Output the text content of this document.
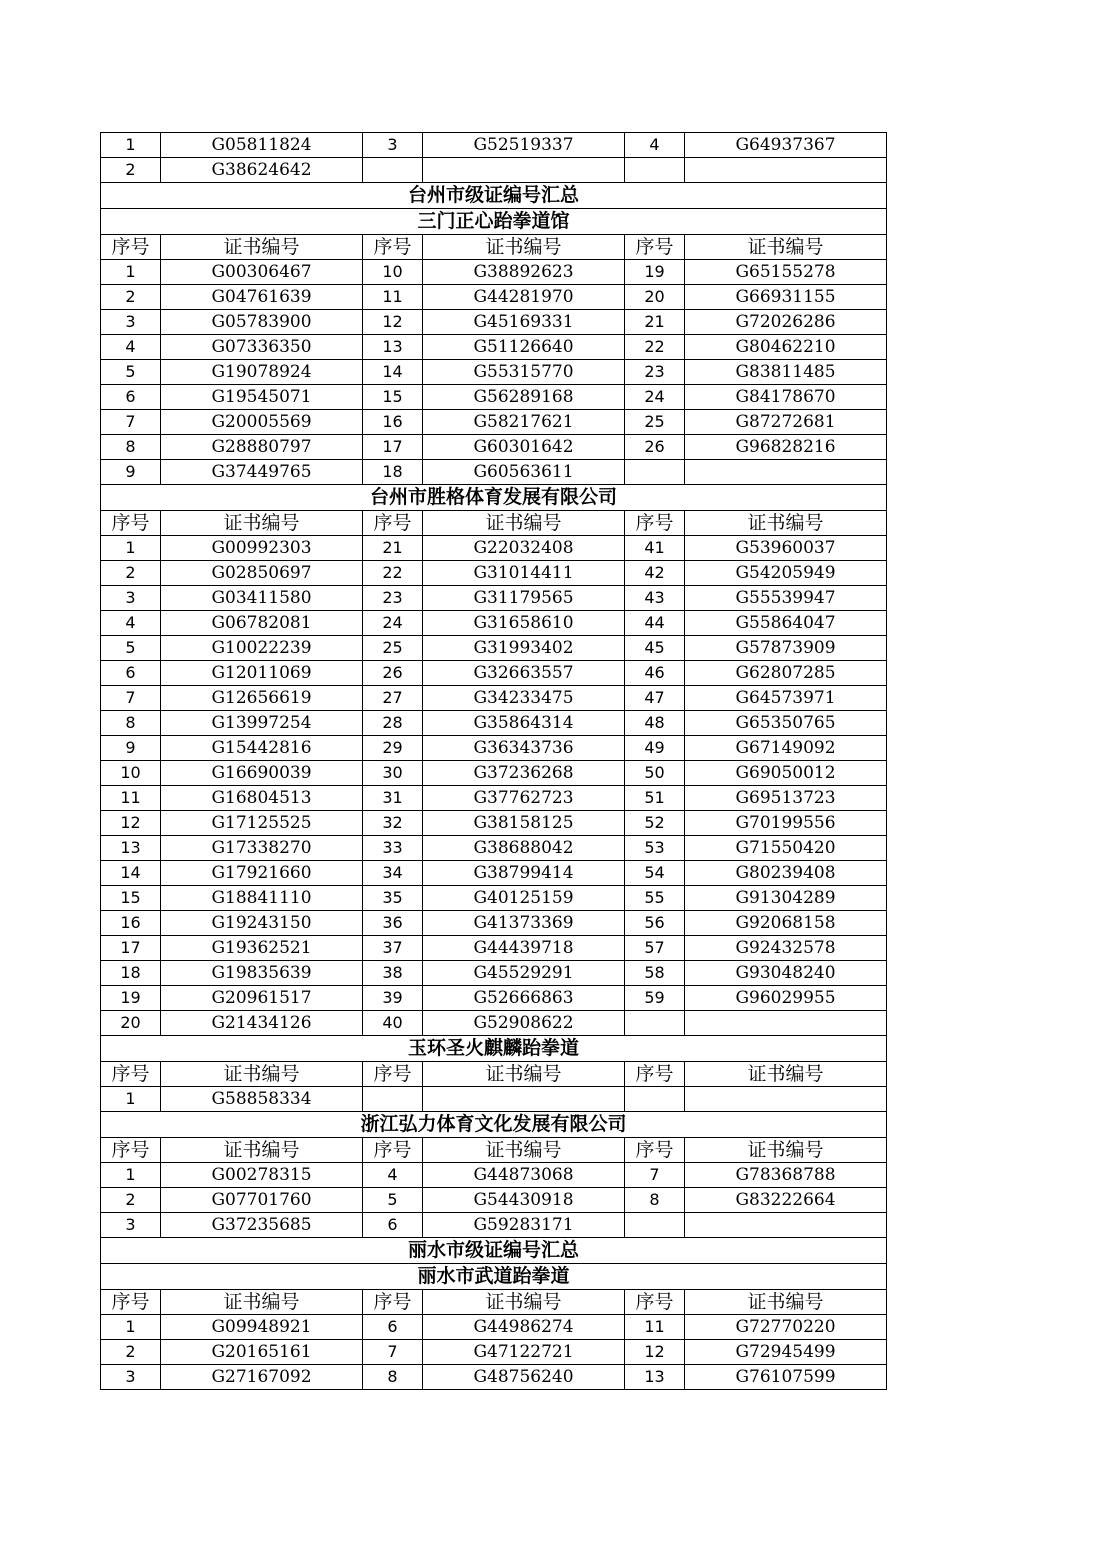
1	G05811824	3	G52519337	4	G64937367
2	G38624642				
台州市级证编号汇总					
三门正心跆拳道馆					
序号	证书编号	序号	证书编号	序号	证书编号
1	G00306467	10	G38892623	19	G65155278
2	G04761639	11	G44281970	20	G66931155
3	G05783900	12	G45169331	21	G72026286
4	G07336350	13	G51126640	22	G80462210
5	G19078924	14	G55315770	23	G83811485
6	G19545071	15	G56289168	24	G84178670
7	G20005569	16	G58217621	25	G87272681
8	G28880797	17	G60301642	26	G96828216
9	G37449765	18	G60563611		
台州市胜格体育发展有限公司					
序号	证书编号	序号	证书编号	序号	证书编号
1	G00992303	21	G22032408	41	G53960037
2	G02850697	22	G31014411	42	G54205949
3	G03411580	23	G31179565	43	G55539947
4	G06782081	24	G31658610	44	G55864047
5	G10022239	25	G31993402	45	G57873909
6	G12011069	26	G32663557	46	G62807285
7	G12656619	27	G34233475	47	G64573971
8	G13997254	28	G35864314	48	G65350765
9	G15442816	29	G36343736	49	G67149092
10	G16690039	30	G37236268	50	G69050012
11	G16804513	31	G37762723	51	G69513723
12	G17125525	32	G38158125	52	G70199556
13	G17338270	33	G38688042	53	G71550420
14	G17921660	34	G38799414	54	G80239408
15	G18841110	35	G40125159	55	G91304289
16	G19243150	36	G41373369	56	G92068158
17	G19362521	37	G44439718	57	G92432578
18	G19835639	38	G45529291	58	G93048240
19	G20961517	39	G52666863	59	G96029955
20	G21434126	40	G52908622		
玉环圣火麒麟跆拳道					
序号	证书编号	序号	证书编号	序号	证书编号
1	G58858334				
浙江弘力体育文化发展有限公司					
序号	证书编号	序号	证书编号	序号	证书编号
1	G00278315	4	G44873068	7	G78368788
2	G07701760	5	G54430918	8	G83222664
3	G37235685	6	G59283171		
丽水市级证编号汇总					
丽水市武道跆拳道					
序号	证书编号	序号	证书编号	序号	证书编号
1	G09948921	6	G44986274	11	G72770220
2	G20165161	7	G47122721	12	G72945499
3	G27167092	8	G48756240	13	G76107599
